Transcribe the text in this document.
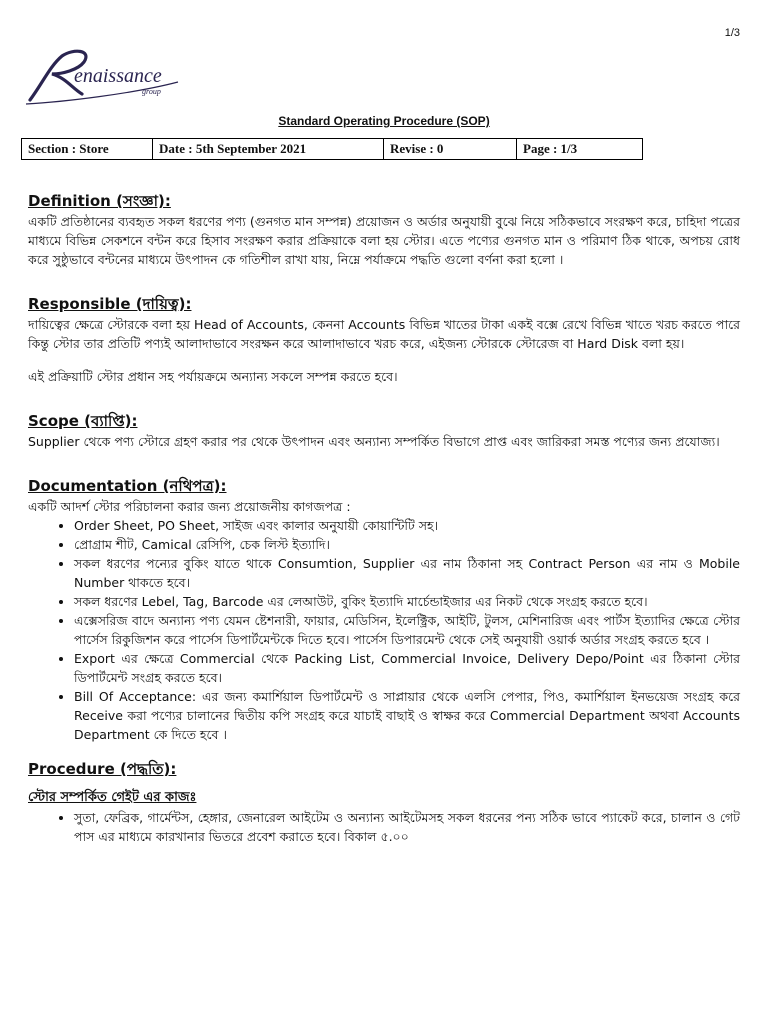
1/3
enaissance
group
Standard Operating Procedure (SOP)
Section : Store	Date : 5th September 2021	Revise : 0	Page : 1/3
Definition (সংজ্ঞা):

একটি প্রতিষ্ঠানের ব্যবহৃত সকল ধরণের পণ্য (গুনগত মান সম্পন্ন) প্রয়োজন ও অর্ডার অনুযায়ী বুঝে নিয়ে সঠিকভাবে সংরক্ষণ করে, চাহিদা পত্রের মাধ্যমে বিভিন্ন সেকশনে বন্টন করে হিসাব সংরক্ষণ করার প্রক্রিয়াকে বলা হয় স্টোর। এতে পণ্যের গুনগত মান ও পরিমাণ ঠিক থাকে, অপচয় রোধ করে সুষ্ঠুভাবে বন্টনের মাধ্যমে উৎপাদন কে গতিশীল রাখা যায়, নিম্নে পর্যাক্রমে পদ্ধতি গুলো বর্ণনা করা হলো ।

Responsible (দায়িত্ব):

দায়িত্বের ক্ষেত্রে স্টোরকে বলা হয় Head of Accounts, কেননা Accounts বিভিন্ন খাতের টাকা একই বক্সে রেখে বিভিন্ন খাতে খরচ করতে পারে কিন্তু স্টোর তার প্রতিটি পণ্যই আলাদাভাবে সংরক্ষন করে আলাদাভাবে খরচ করে, এইজন্য স্টোরকে স্টোরেজ বা Hard Disk বলা হয়।

এই প্রক্রিয়াটি স্টোর প্রধান সহ পর্যায়ক্রমে অন্যান্য সকলে সম্পন্ন করতে হবে।

Scope (ব্যাপ্তি):

Supplier থেকে পণ্য স্টোরে গ্রহণ করার পর থেকে উৎপাদন এবং অন্যান্য সম্পর্কিত বিভাগে প্রাপ্ত এবং জারিকরা সমস্ত পণ্যের জন্য প্রযোজ্য।

Documentation (নথিপত্র):

একটি আদর্শ স্টোর পরিচালনা করার জন্য প্রয়োজনীয় কাগজপত্র :

• Order Sheet, PO Sheet, সাইজ এবং কালার অনুযায়ী কোয়ান্টিটি সহ।
• প্রোগ্রাম শীট, Camical রেসিপি, চেক লিস্ট ইত্যাদি।
• সকল ধরণের পন্যের বুকিং যাতে থাকে Consumtion, Supplier এর নাম ঠিকানা সহ Contract Person এর নাম ও Mobile Number থাকতে হবে।
• সকল ধরণের Lebel, Tag, Barcode এর লেআউট, বুকিং ইত্যাদি মার্চেন্ডাইজার এর নিকট থেকে সংগ্রহ করতে হবে।
• এক্সেসরিজ বাদে অন্যান্য পণ্য যেমন ষ্টেশনারী, ফায়ার, মেডিসিন, ইলেক্ট্রিক, আইটি, টুলস, মেশিনারিজ এবং পার্টস ইত্যাদির ক্ষেত্রে স্টোর পার্সেস রিকুজিশন করে পার্সেস ডিপার্টমেন্টকে দিতে হবে। পার্সেস ডিপারমেন্ট থেকে সেই অনুযায়ী ওয়ার্ক অর্ডার সংগ্রহ করতে হবে ।
• Export এর ক্ষেত্রে Commercial থেকে Packing List, Commercial Invoice, Delivery Depo/Point এর ঠিকানা স্টোর ডিপার্টমেন্ট সংগ্রহ করতে হবে।
• Bill Of Acceptance: এর জন্য কমার্শিয়াল ডিপার্টমেন্ট ও সাপ্লায়ার থেকে এলসি পেপার, পিও, কমার্শিয়াল ইনভয়েজ সংগ্রহ করে Receive করা পণ্যের চালানের দ্বিতীয় কপি সংগ্রহ করে যাচাই বাছাই ও স্বাক্ষর করে Commercial Department অথবা Accounts Department কে দিতে হবে ।
Procedure (পদ্ধতি):
স্টোর সম্পর্কিত গেইট এর কাজঃ
• সুতা, ফেব্রিক, গার্মেন্টস, হেঙ্গার, জেনারেল আইটেম ও অন্যান্য আইটেমসহ সকল ধরনের পন্য সঠিক ভাবে প্যাকেট করে, চালান ও গেট পাস এর মাধ্যমে কারখানার ভিতরে প্রবেশ করাতে হবে। বিকাল ৫.০০
